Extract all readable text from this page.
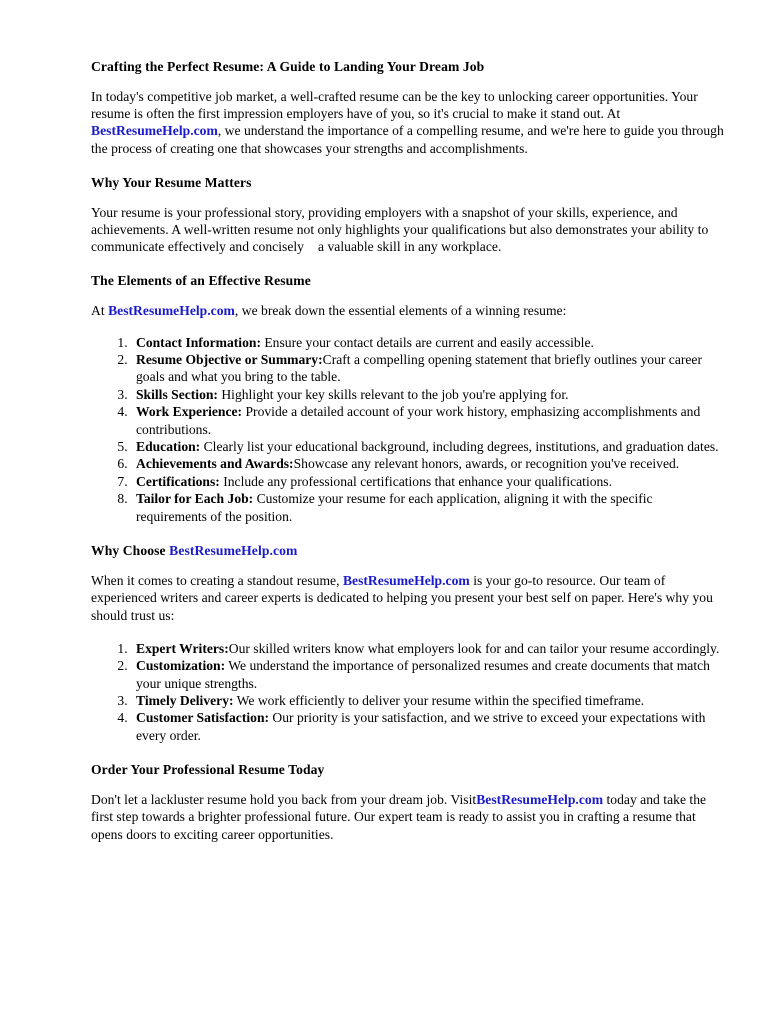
Crafting the Perfect Resume: A Guide to Landing Your Dream Job

In today's competitive job market, a well-crafted resume can be the key to unlocking career opportunities. Your resume is often the first impression employers have of you, so it's crucial to make it stand out. At BestResumeHelp.com, we understand the importance of a compelling resume, and we're here to guide you through the process of creating one that showcases your strengths and accomplishments.

Why Your Resume Matters

Your resume is your professional story, providing employers with a snapshot of your skills, experience, and achievements. A well-written resume not only highlights your qualifications but also demonstrates your ability to communicate effectively and concisely a valuable skill in any workplace.

The Elements of an Effective Resume

At BestResumeHelp.com, we break down the essential elements of a winning resume:

1. Contact Information: Ensure your contact details are current and easily accessible.
2. Resume Objective or Summary:Craft a compelling opening statement that briefly outlines your career goals and what you bring to the table.
3. Skills Section: Highlight your key skills relevant to the job you're applying for.
4. Work Experience: Provide a detailed account of your work history, emphasizing accomplishments and contributions.
5. Education: Clearly list your educational background, including degrees, institutions, and graduation dates.
6. Achievements and Awards:Showcase any relevant honors, awards, or recognition you've received.
7. Certifications: Include any professional certifications that enhance your qualifications.
8. Tailor for Each Job: Customize your resume for each application, aligning it with the specific requirements of the position.
Why Choose BestResumeHelp.com

When it comes to creating a standout resume, BestResumeHelp.com is your go-to resource. Our team of experienced writers and career experts is dedicated to helping you present your best self on paper. Here's why you should trust us:

1. Expert Writers:Our skilled writers know what employers look for and can tailor your resume accordingly.
2. Customization: We understand the importance of personalized resumes and create documents that match your unique strengths.
3. Timely Delivery: We work efficiently to deliver your resume within the specified timeframe.
4. Customer Satisfaction: Our priority is your satisfaction, and we strive to exceed your expectations with every order.
Order Your Professional Resume Today

Don't let a lackluster resume hold you back from your dream job. VisitBestResumeHelp.com today and take the first step towards a brighter professional future. Our expert team is ready to assist you in crafting a resume that opens doors to exciting career opportunities.
